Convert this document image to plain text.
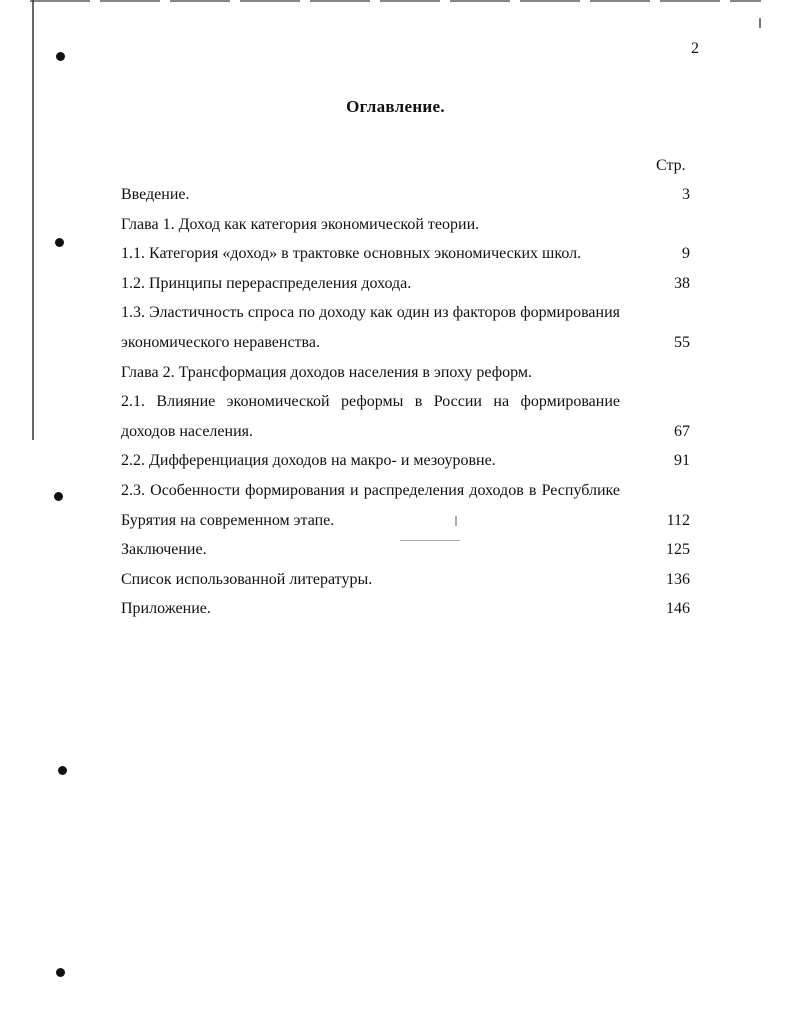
2
Оглавление.
Стр.
Введение.	3
Глава 1. Доход как категория экономической теории.
1.1. Категория «доход» в трактовке основных экономических школ.	9
1.2. Принципы перераспределения дохода.	38
1.3. Эластичность спроса по доходу как один из факторов формирования экономического неравенства.	55
Глава 2. Трансформация доходов населения в эпоху реформ.
2.1. Влияние экономической реформы в России на формирование доходов населения.	67
2.2. Дифференциация доходов на макро- и мезоуровне.	91
2.3. Особенности формирования и распределения доходов в Республике Бурятия на современном этапе.	112
Заключение.	125
Список использованной литературы.	136
Приложение.	146
